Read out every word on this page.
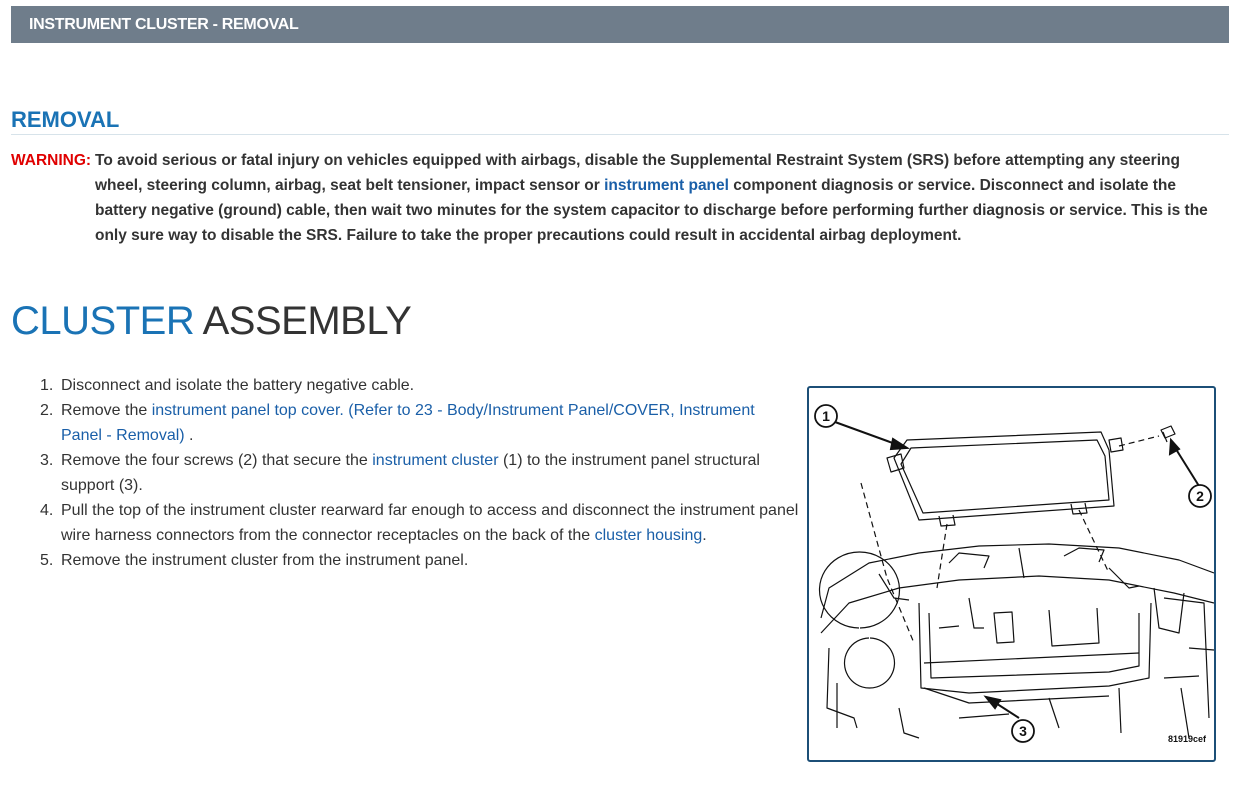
INSTRUMENT CLUSTER - REMOVAL
REMOVAL
WARNING: To avoid serious or fatal injury on vehicles equipped with airbags, disable the Supplemental Restraint System (SRS) before attempting any steering wheel, steering column, airbag, seat belt tensioner, impact sensor or instrument panel component diagnosis or service. Disconnect and isolate the battery negative (ground) cable, then wait two minutes for the system capacitor to discharge before performing further diagnosis or service. This is the only sure way to disable the SRS. Failure to take the proper precautions could result in accidental airbag deployment.
CLUSTER ASSEMBLY
1. Disconnect and isolate the battery negative cable.
2. Remove the instrument panel top cover. (Refer to 23 - Body/Instrument Panel/COVER, Instrument Panel - Removal) .
3. Remove the four screws (2) that secure the instrument cluster (1) to the instrument panel structural support (3).
4. Pull the top of the instrument cluster rearward far enough to access and disconnect the instrument panel wire harness connectors from the connector receptacles on the back of the cluster housing.
5. Remove the instrument cluster from the instrument panel.
1
2
3	81919cef
